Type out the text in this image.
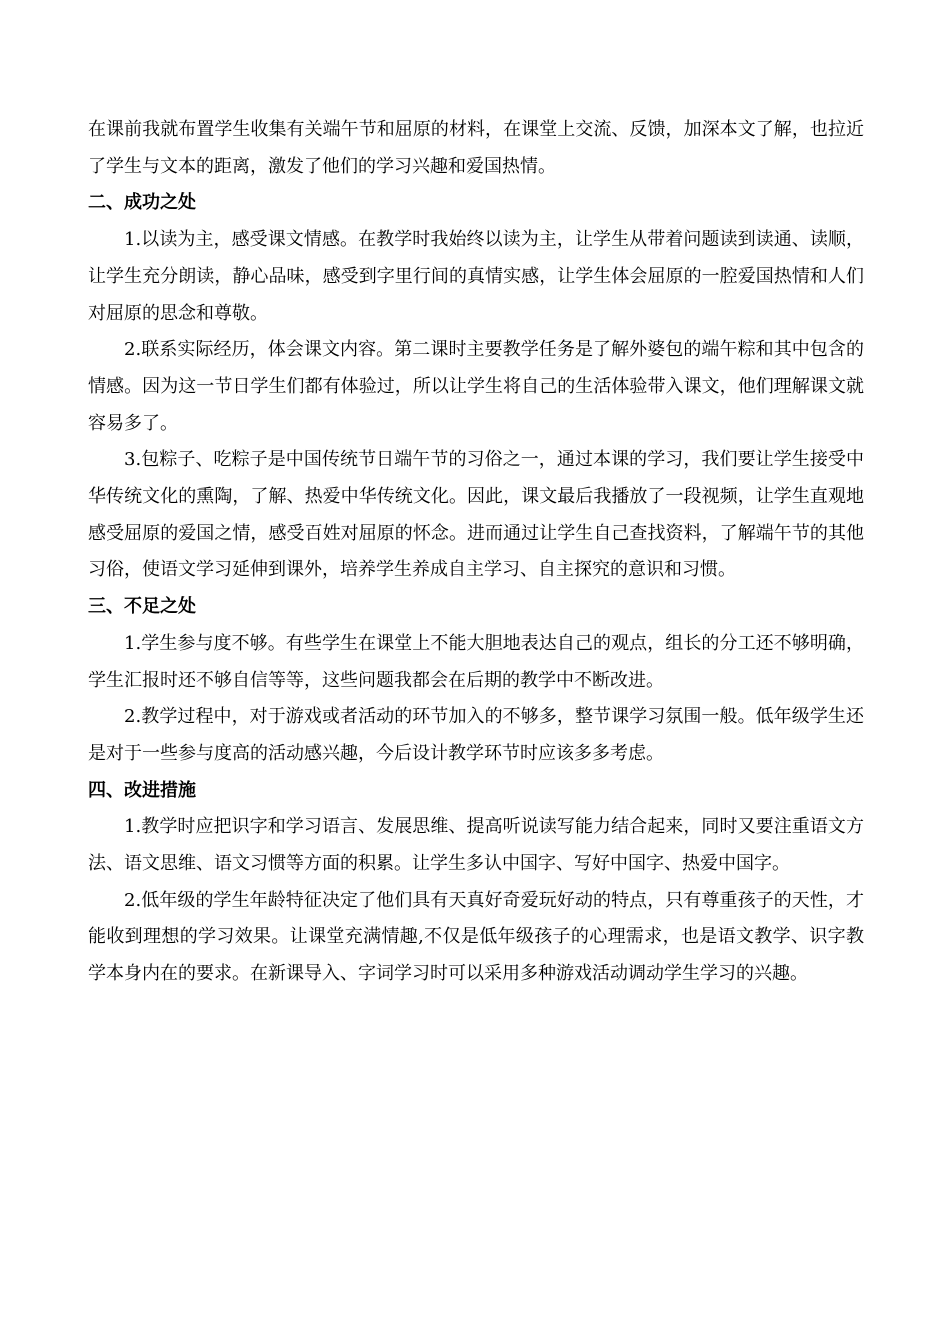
在课前我就布置学生收集有关端午节和屈原的材料，在课堂上交流、反馈，加深本文了解，也拉近了学生与文本的距离，激发了他们的学习兴趣和爱国热情。

二、成功之处

1.以读为主，感受课文情感。在教学时我始终以读为主，让学生从带着问题读到读通、读顺，让学生充分朗读，静心品味，感受到字里行间的真情实感，让学生体会屈原的一腔爱国热情和人们对屈原的思念和尊敬。

2.联系实际经历，体会课文内容。第二课时主要教学任务是了解外婆包的端午粽和其中包含的情感。因为这一节日学生们都有体验过，所以让学生将自己的生活体验带入课文，他们理解课文就容易多了。

3.包粽子、吃粽子是中国传统节日端午节的习俗之一，通过本课的学习，我们要让学生接受中华传统文化的熏陶，了解、热爱中华传统文化。因此，课文最后我播放了一段视频，让学生直观地感受屈原的爱国之情，感受百姓对屈原的怀念。进而通过让学生自己查找资料，了解端午节的其他习俗，使语文学习延伸到课外，培养学生养成自主学习、自主探究的意识和习惯。

三、不足之处

1.学生参与度不够。有些学生在课堂上不能大胆地表达自己的观点，组长的分工还不够明确，学生汇报时还不够自信等等，这些问题我都会在后期的教学中不断改进。

2.教学过程中，对于游戏或者活动的环节加入的不够多，整节课学习氛围一般。低年级学生还是对于一些参与度高的活动感兴趣，今后设计教学环节时应该多多考虑。

四、改进措施

1.教学时应把识字和学习语言、发展思维、提高听说读写能力结合起来，同时又要注重语文方法、语文思维、语文习惯等方面的积累。让学生多认中国字、写好中国字、热爱中国字。

2.低年级的学生年龄特征决定了他们具有天真好奇爱玩好动的特点，只有尊重孩子的天性，才能收到理想的学习效果。让课堂充满情趣,不仅是低年级孩子的心理需求，也是语文教学、识字教学本身内在的要求。在新课导入、字词学习时可以采用多种游戏活动调动学生学习的兴趣。
